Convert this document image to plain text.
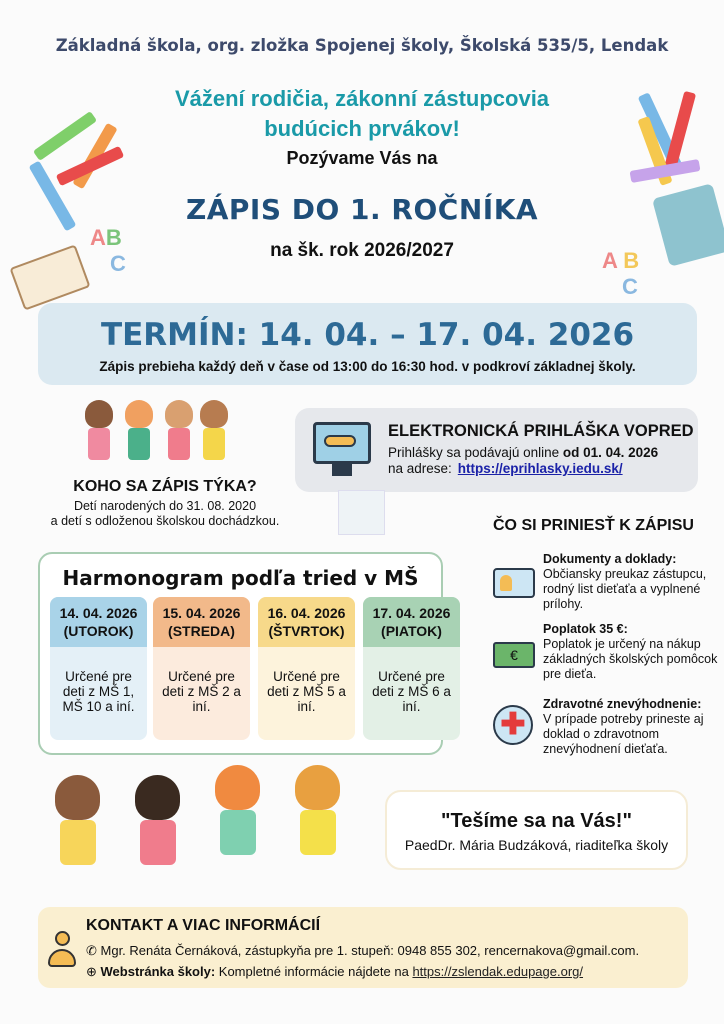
Základná škola, org. zložka Spojenej školy, Školská 535/5, Lendak
AB
C	A B
C
Vážení rodičia, zákonní zástupcovia
budúcich prvákov!
Pozývame Vás na
ZÁPIS DO 1. ROČNÍKA
na šk. rok 2026/2027
TERMÍN: 14. 04. – 17. 04. 2026
Zápis prebieha každý deň v čase od 13:00 do 16:30 hod. v podkroví základnej školy.
KOHO SA ZÁPIS TÝKA?
Detí narodených do 31. 08. 2020
a detí s odloženou školskou dochádzkou.
ELEKTRONICKÁ PRIHLÁŠKA VOPRED
Prihlášky sa podávajú online od 01. 04. 2026
na adrese: https://eprihlasky.iedu.sk/
Harmonogram podľa tried v MŠ
14. 04. 2026
(UTOROK)
Určené pre deti z MŠ 1, MŠ 10 a iní.
15. 04. 2026
(STREDA)
Určené pre deti z MŠ 2 a iní.
16. 04. 2026
(ŠTVRTOK)
Určené pre deti z MŠ 5 a iní.
17. 04. 2026
(PIATOK)
Určené pre deti z MŠ 6 a iní.
ČO SI PRINIESŤ K ZÁPISU
Dokumenty a doklady:
Občiansky preukaz zástupcu, rodný list dieťaťa a vyplnené prílohy.
€
Poplatok 35 €:
Poplatok je určený na nákup základných školských pomôcok pre dieťa.
✚
Zdravotné znevýhodnenie:
V prípade potreby prineste aj doklad o zdravotnom znevýhodnení dieťaťa.
"Tešíme sa na Vás!"
PaedDr. Mária Budzáková, riaditeľka školy
KONTAKT A VIAC INFORMÁCIÍ
✆ Mgr. Renáta Černáková, zástupkyňa pre 1. stupeň: 0948 855 302, rencernakova@gmail.com.
⊕ Webstránka školy: Kompletné informácie nájdete na https://zslendak.edupage.org/
